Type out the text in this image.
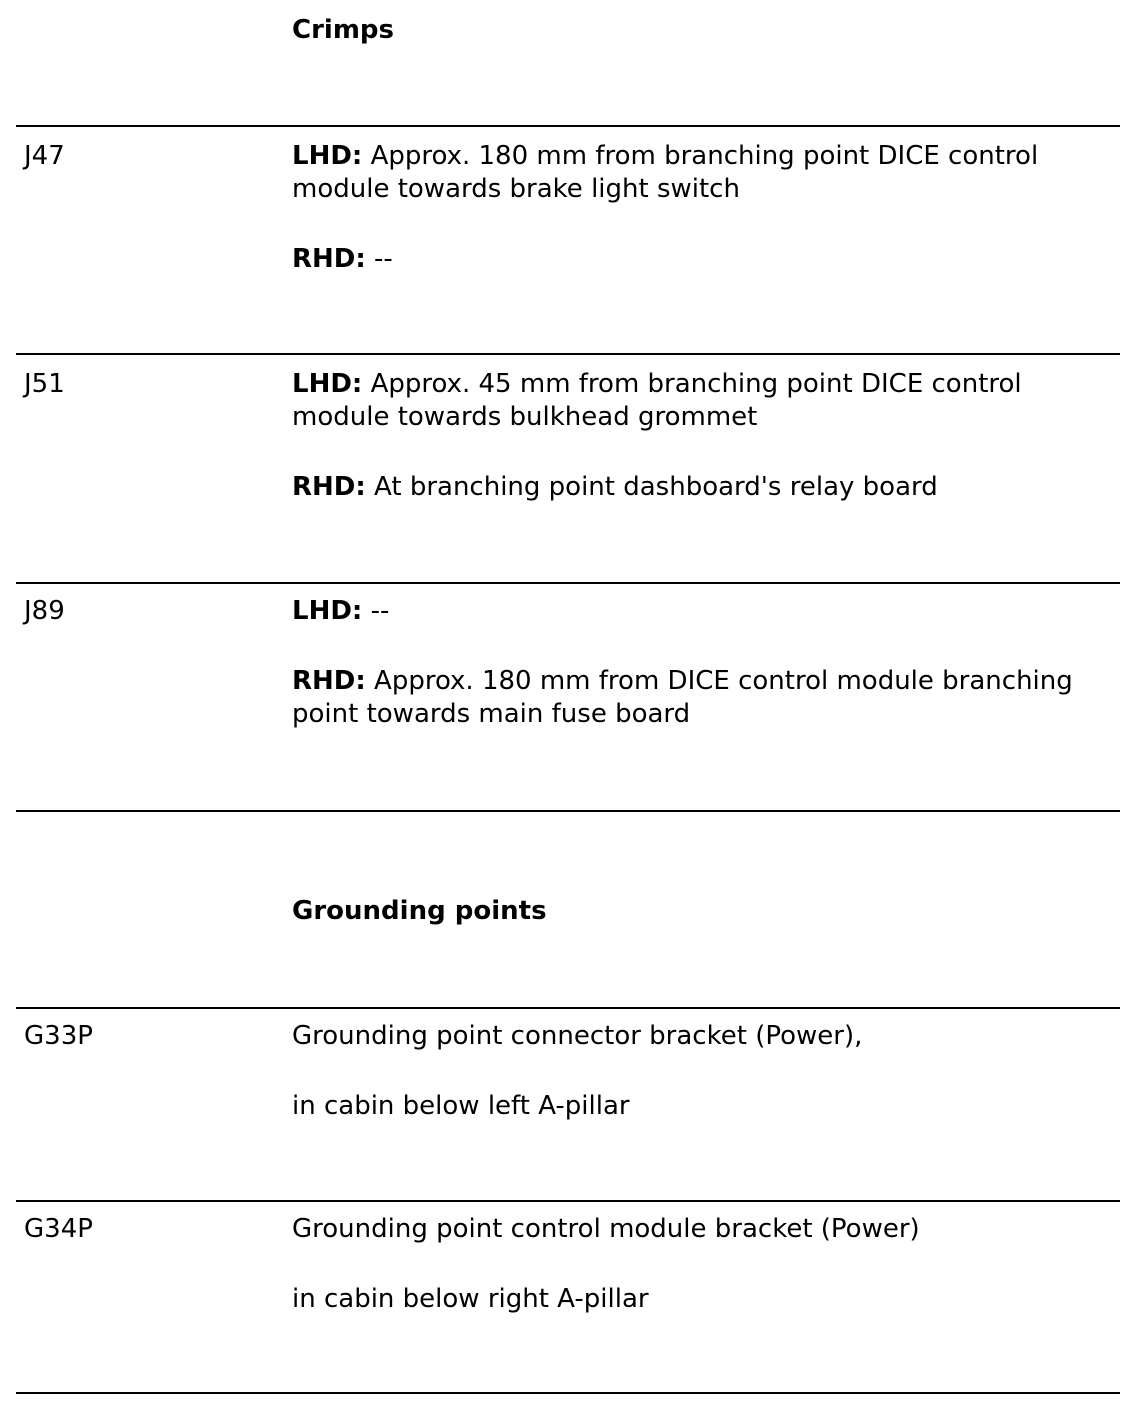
Crimps
J47	LHD: Approx. 180 mm from branching point DICE control module towards brake light switch

RHD: --

J51	LHD: Approx. 45 mm from branching point DICE control module towards bulkhead grommet

RHD: At branching point dashboard's relay board

J89	LHD: --

RHD: Approx. 180 mm from DICE control module branching point towards main fuse board

Grounding points
G33P	Grounding point connector bracket (Power),

in cabin below left A-pillar

G34P	Grounding point control module bracket (Power)

in cabin below right A-pillar
